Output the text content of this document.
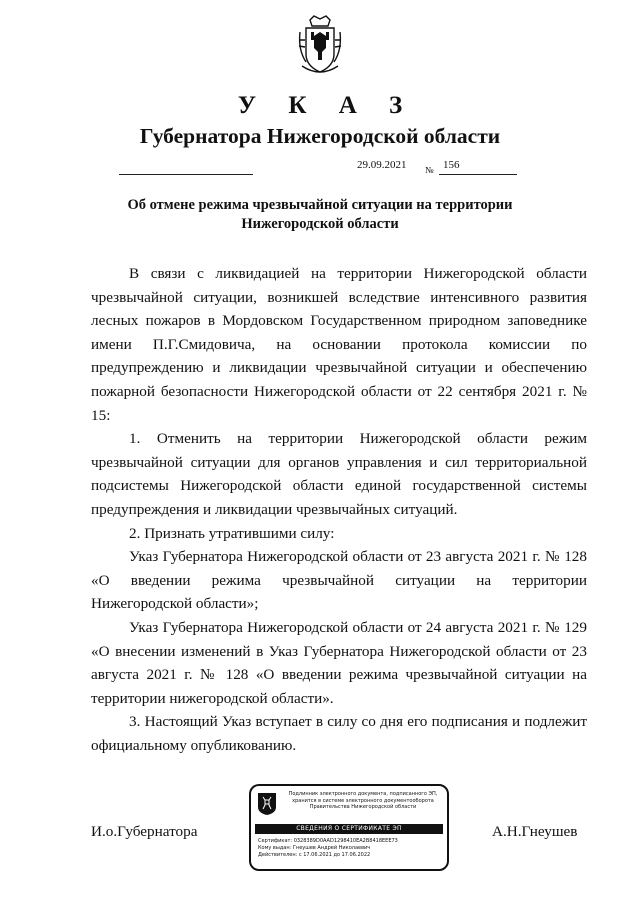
У К А З
Губернатора Нижегородской области
29.09.2021 № 156
Об отмене режима чрезвычайной ситуации на территории
Нижегородской области

В связи с ликвидацией на территории Нижегородской области чрезвычайной ситуации, возникшей вследствие интенсивного развития лесных пожаров в Мордовском Государственном природном заповеднике имени П.Г.Смидовича, на основании протокола комиссии по предупреждению и ликвидации чрезвычайной ситуации и обеспечению пожарной безопасности Нижегородской области от 22 сентября 2021 г. № 15:

1. Отменить на территории Нижегородской области режим чрезвычайной ситуации для органов управления и сил территориальной подсистемы Нижегородской области единой государственной системы предупреждения и ликвидации чрезвычайных ситуаций.

2. Признать утратившими силу:

Указ Губернатора Нижегородской области от 23 августа 2021 г. № 128 «О введении режима чрезвычайной ситуации на территории Нижегородской области»;

Указ Губернатора Нижегородской области от 24 августа 2021 г. № 129 «О внесении изменений в Указ Губернатора Нижегородской области от 23 августа 2021 г. № 128 «О введении режима чрезвычайной ситуации на территории нижегородской области».

3. Настоящий Указ вступает в силу со дня его подписания и подлежит официальному опубликованию.

И.о.Губернатора	А.Н.Гнеушев
Подлинник электронного документа, подписанного ЭП,
хранится в системе электронного документооборота
Правительства Нижегородской области
СВЕДЕНИЯ О СЕРТИФИКАТЕ ЭП
Сертификат: 0328389D0AAD1298410EA2B8418EEE73
Кому выдан: Гнеушев Андрей Николаевич
Действителен: с 17.06.2021 до 17.06.2022
